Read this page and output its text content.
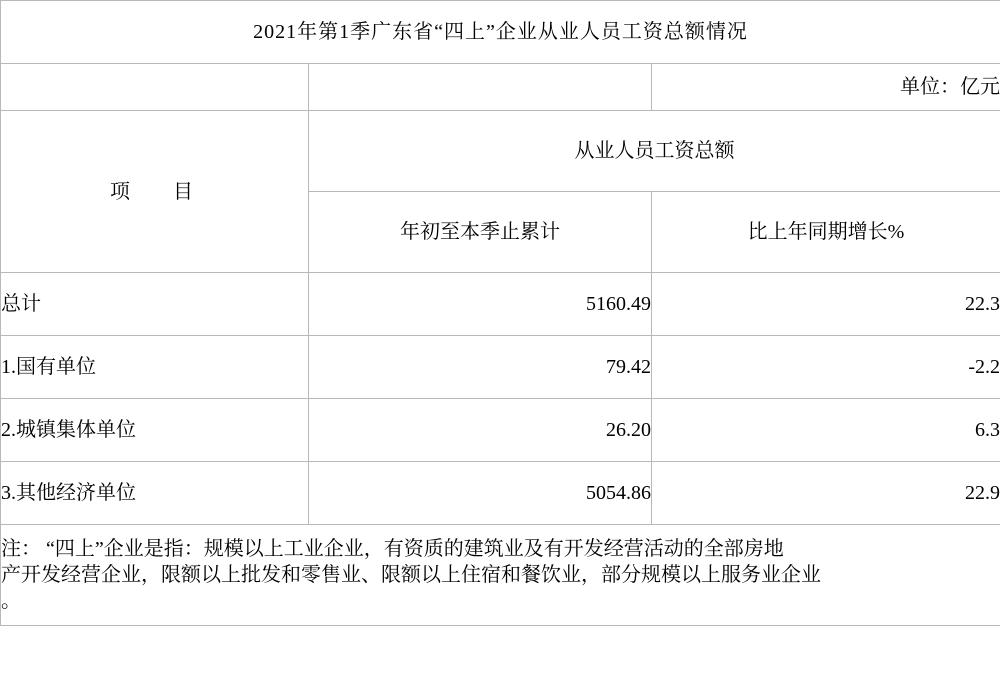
2021年第1季广东省“四上”企业从业人员工资总额情况		
		单位：亿元
项　 目	从业人员工资总额	
	年初至本季止累计	比上年同期增长%
总计	5160.49	22.3
1.国有单位	79.42	-2.2
2.城镇集体单位	26.20	6.3
3.其他经济单位	5054.86	22.9

注： “四上”企业是指：规模以上工业企业，有资质的建筑业及有开发经营活动的全部房地

产开发经营企业，限额以上批发和零售业、限额以上住宿和餐饮业，部分规模以上服务业企业

。		
